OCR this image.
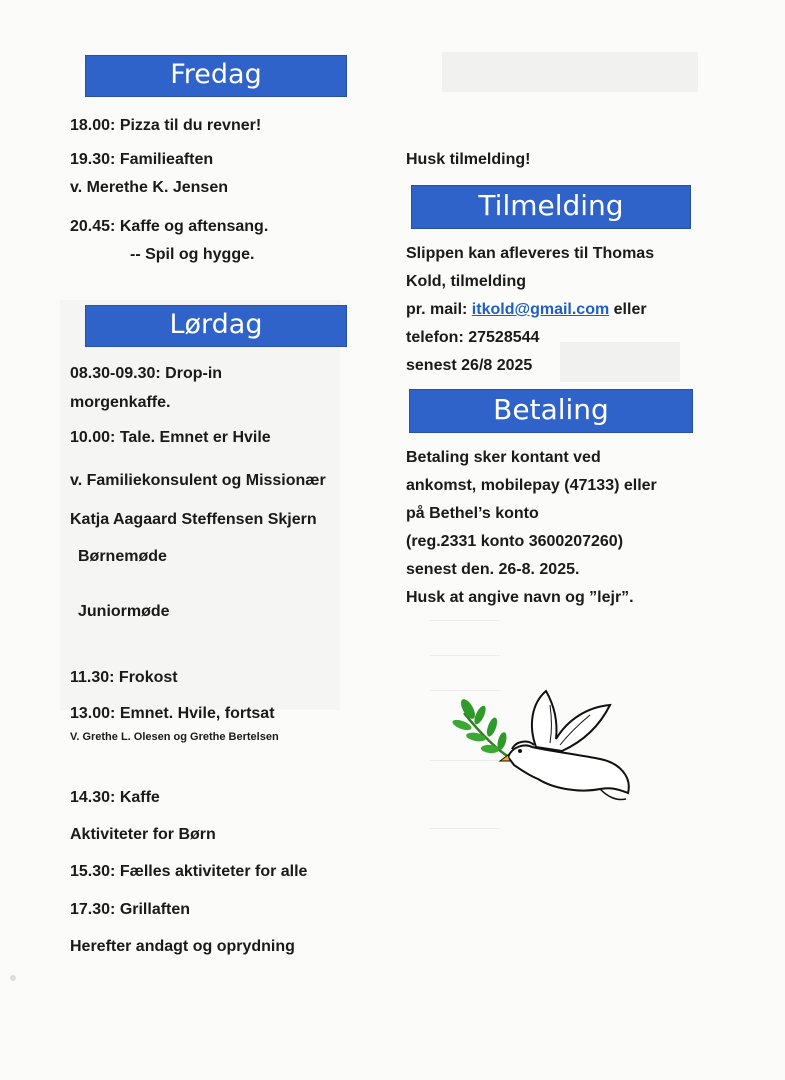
Fredag
18.00: Pizza til du revner!
19.30: Familieaften
v. Merethe K. Jensen
20.45: Kaffe og aftensang.
-- Spil og hygge.
Lørdag
08.30-09.30: Drop-in
morgenkaffe.
10.00: Tale. Emnet er Hvile
v. Familiekonsulent og Missionær
Katja Aagaard Steffensen Skjern
Børnemøde
Juniormøde
11.30: Frokost
13.00: Emnet. Hvile, fortsat
V. Grethe L. Olesen og Grethe Bertelsen
14.30: Kaffe
Aktiviteter for Børn
15.30: Fælles aktiviteter for alle
17.30: Grillaften
Herefter andagt og oprydning
Husk tilmelding!
Tilmelding
Slippen kan afleveres til Thomas
Kold, tilmelding
pr. mail: itkold@gmail.com eller
telefon: 27528544
senest 26/8 2025
Betaling
Betaling sker kontant ved
ankomst, mobilepay (47133) eller
på Bethel’s konto
(reg.2331 konto 3600207260)
senest den. 26-8. 2025.
Husk at angive navn og ”lejr”.
